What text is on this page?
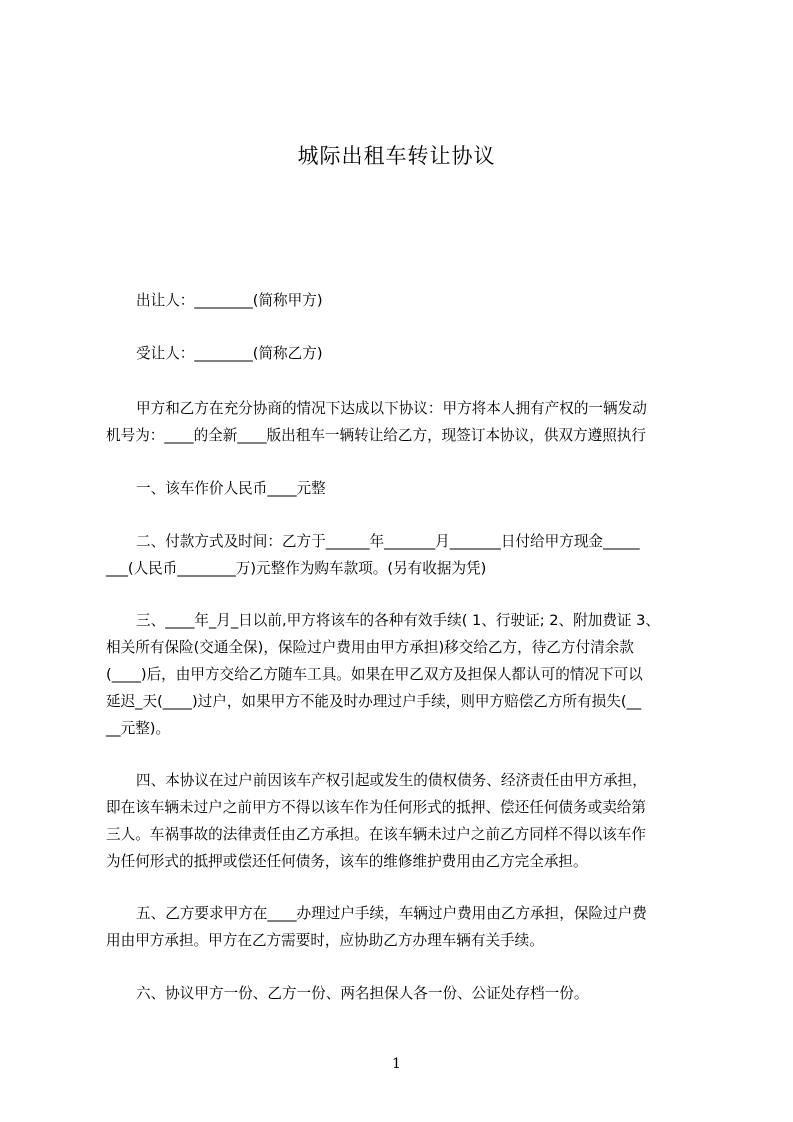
城际出租车转让协议
出让人：________(简称甲方)
受让人：________(简称乙方)
甲方和乙方在充分协商的情况下达成以下协议：甲方将本人拥有产权的一辆发动
机号为：____的全新____版出租车一辆转让给乙方，现签订本协议，供双方遵照执行
一、该车作价人民币____元整
二、付款方式及时间：乙方于______年_______月_______日付给甲方现金_____
___(人民币________万)元整作为购车款项。(另有收据为凭)
三、____年_月_日以前,甲方将该车的各种有效手续( 1、行驶证; 2、附加费证 3、
相关所有保险(交通全保)，保险过户费用由甲方承担)移交给乙方，待乙方付清余款
(____)后，由甲方交给乙方随车工具。如果在甲乙双方及担保人都认可的情况下可以
延迟_天(____)过户，如果甲方不能及时办理过户手续，则甲方赔偿乙方所有损失(__
__元整)。
四、本协议在过户前因该车产权引起或发生的债权债务、经济责任由甲方承担，
即在该车辆未过户之前甲方不得以该车作为任何形式的抵押、偿还任何债务或卖给第
三人。车祸事故的法律责任由乙方承担。在该车辆未过户之前乙方同样不得以该车作
为任何形式的抵押或偿还任何债务，该车的维修维护费用由乙方完全承担。
五、乙方要求甲方在____办理过户手续，车辆过户费用由乙方承担，保险过户费
用由甲方承担。甲方在乙方需要时，应协助乙方办理车辆有关手续。
六、协议甲方一份、乙方一份、两名担保人各一份、公证处存档一份。
1
